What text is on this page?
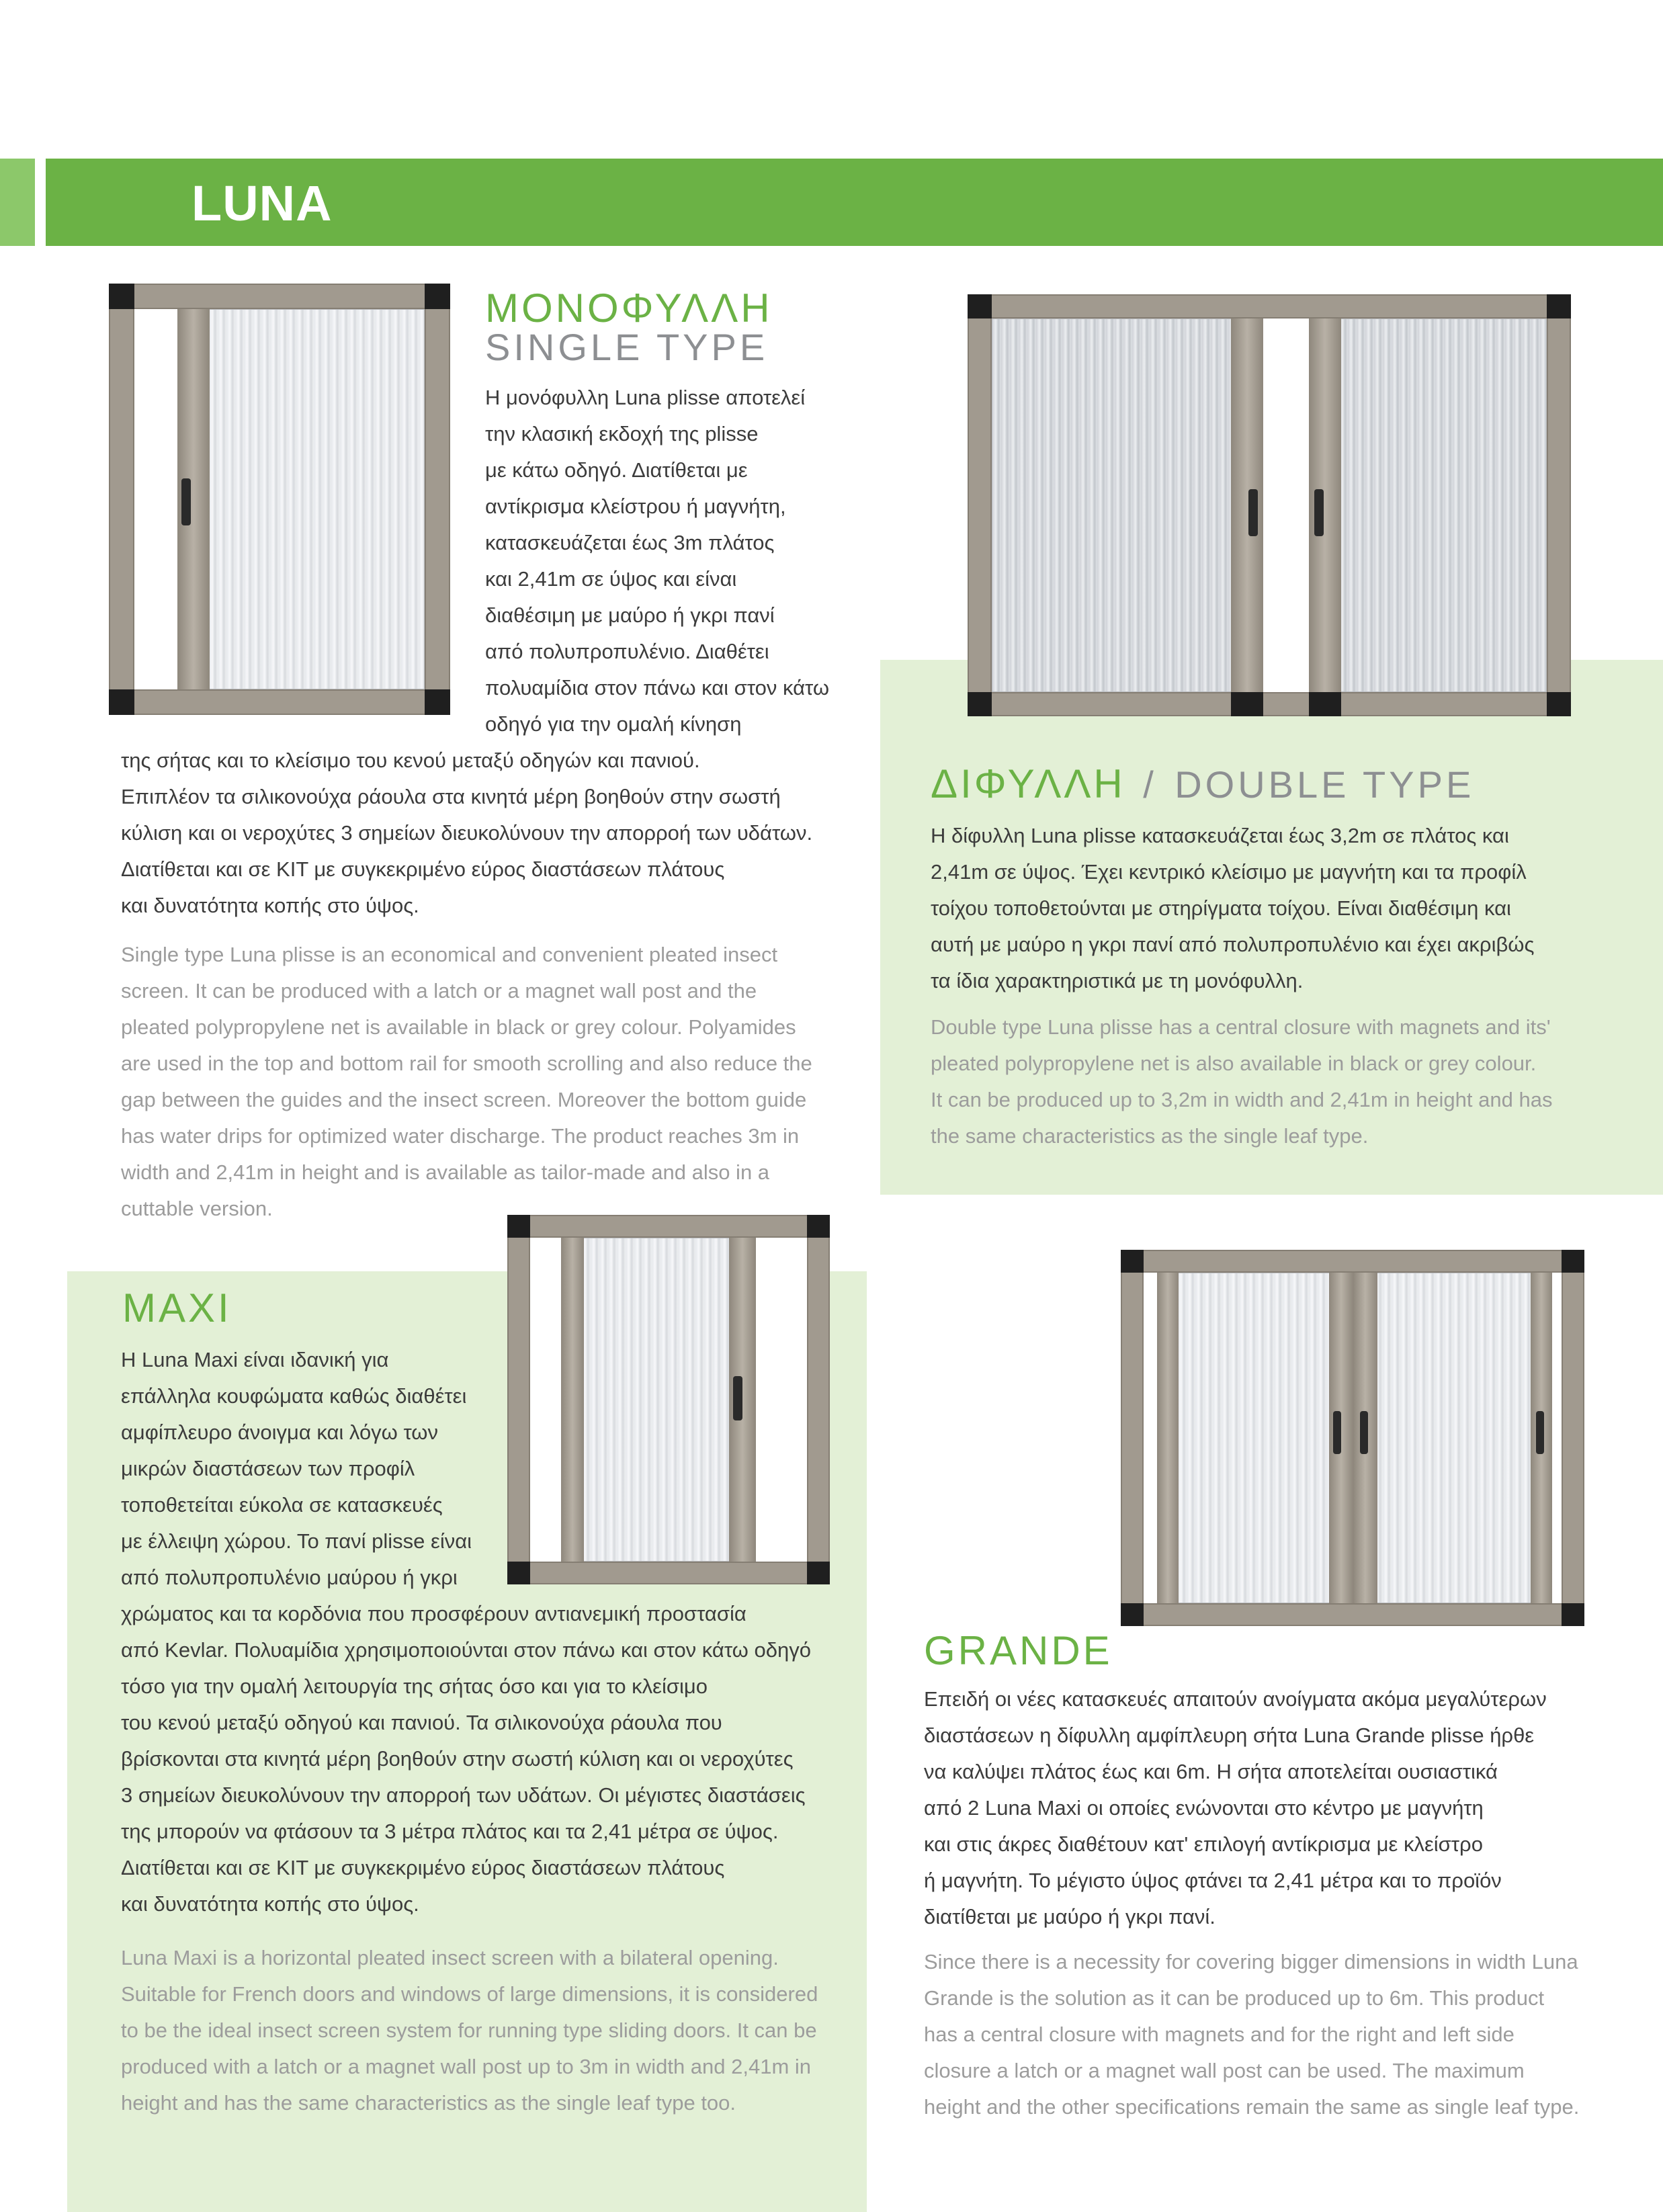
LUNA
ΜΟΝΟΦΥΛΛΗ
SINGLE TYPE
Η μονόφυλλη Luna plisse αποτελεί
την κλασική εκδοχή της plisse
με κάτω οδηγό. Διατίθεται με
αντίκρισμα κλείστρου ή μαγνήτη,
κατασκευάζεται έως 3m πλάτος
και 2,41m σε ύψος και είναι
διαθέσιμη με μαύρο ή γκρι πανί
από πολυπροπυλένιο. Διαθέτει
πολυαμίδια στον πάνω και στον κάτω
οδηγό για την ομαλή κίνηση
της σήτας και το κλείσιμο του κενού μεταξύ οδηγών και πανιού.
Επιπλέον τα σιλικονούχα ράουλα στα κινητά μέρη βοηθούν στην σωστή
κύλιση και οι νεροχύτες 3 σημείων διευκολύνουν την απορροή των υδάτων.
Διατίθεται και σε KIT με συγκεκριμένο εύρος διαστάσεων πλάτους
και δυνατότητα κοπής στο ύψος.
Single type Luna plisse is an economical and convenient pleated insect
screen. It can be produced with a latch or a magnet wall post and the
pleated polypropylene net is available in black or grey colour. Polyamides
are used in the top and bottom rail for smooth scrolling and also reduce the
gap between the guides and the insect screen. Moreover the bottom guide
has water drips for optimized water discharge. The product reaches 3m in
width and 2,41m in height and is available as tailor-made and also in a
cuttable version.
ΔΙΦΥΛΛΗ / DOUBLE TYPE
Η δίφυλλη Luna plisse κατασκευάζεται έως 3,2m σε πλάτος και
2,41m σε ύψος. Έχει κεντρικό κλείσιμο με μαγνήτη και τα προφίλ
τοίχου τοποθετούνται με στηρίγματα τοίχου. Είναι διαθέσιμη και
αυτή με μαύρο η γκρι πανί από πολυπροπυλένιο και έχει ακριβώς
τα ίδια χαρακτηριστικά με τη μονόφυλλη.
Double type Luna plisse has a central closure with magnets and its'
pleated polypropylene net is also available in black or grey colour.
It can be produced up to 3,2m in width and 2,41m in height and has
the same characteristics as the single leaf type.
MAXI
Η Luna Maxi είναι ιδανική για
επάλληλα κουφώματα καθώς διαθέτει
αμφίπλευρο άνοιγμα και λόγω των
μικρών διαστάσεων των προφίλ
τοποθετείται εύκολα σε κατασκευές
με έλλειψη χώρου. Το πανί plisse είναι
από πολυπροπυλένιο μαύρου ή γκρι
χρώματος και τα κορδόνια που προσφέρουν αντιανεμική προστασία
από Kevlar. Πολυαμίδια χρησιμοποιούνται στον πάνω και στον κάτω οδηγό
τόσο για την ομαλή λειτουργία της σήτας όσο και για το κλείσιμο
του κενού μεταξύ οδηγού και πανιού. Τα σιλικονούχα ράουλα που
βρίσκονται στα κινητά μέρη βοηθούν στην σωστή κύλιση και οι νεροχύτες
3 σημείων διευκολύνουν την απορροή των υδάτων. Οι μέγιστες διαστάσεις
της μπορούν να φτάσουν τα 3 μέτρα πλάτος και τα 2,41 μέτρα σε ύψος.
Διατίθεται και σε KIT με συγκεκριμένο εύρος διαστάσεων πλάτους
και δυνατότητα κοπής στο ύψος.
Luna Maxi is a horizontal pleated insect screen with a bilateral opening.
Suitable for French doors and windows of large dimensions, it is considered
to be the ideal insect screen system for running type sliding doors. It can be
produced with a latch or a magnet wall post up to 3m in width and 2,41m in
height and has the same characteristics as the single leaf type too.
GRANDE
Επειδή οι νέες κατασκευές απαιτούν ανοίγματα ακόμα μεγαλύτερων
διαστάσεων η δίφυλλη αμφίπλευρη σήτα Luna Grande plisse ήρθε
να καλύψει πλάτος έως και 6m. Η σήτα αποτελείται ουσιαστικά
από 2 Luna Maxi οι οποίες ενώνονται στο κέντρο με μαγνήτη
και στις άκρες διαθέτουν κατ' επιλογή αντίκρισμα με κλείστρο
ή μαγνήτη. Το μέγιστο ύψος φτάνει τα 2,41 μέτρα και το προϊόν
διατίθεται με μαύρο ή γκρι πανί.
Since there is a necessity for covering bigger dimensions in width Luna
Grande is the solution as it can be produced up to 6m. This product
has a central closure with magnets and for the right and left side
closure a latch or a magnet wall post can be used. The maximum
height and the other specifications remain the same as single leaf type.
